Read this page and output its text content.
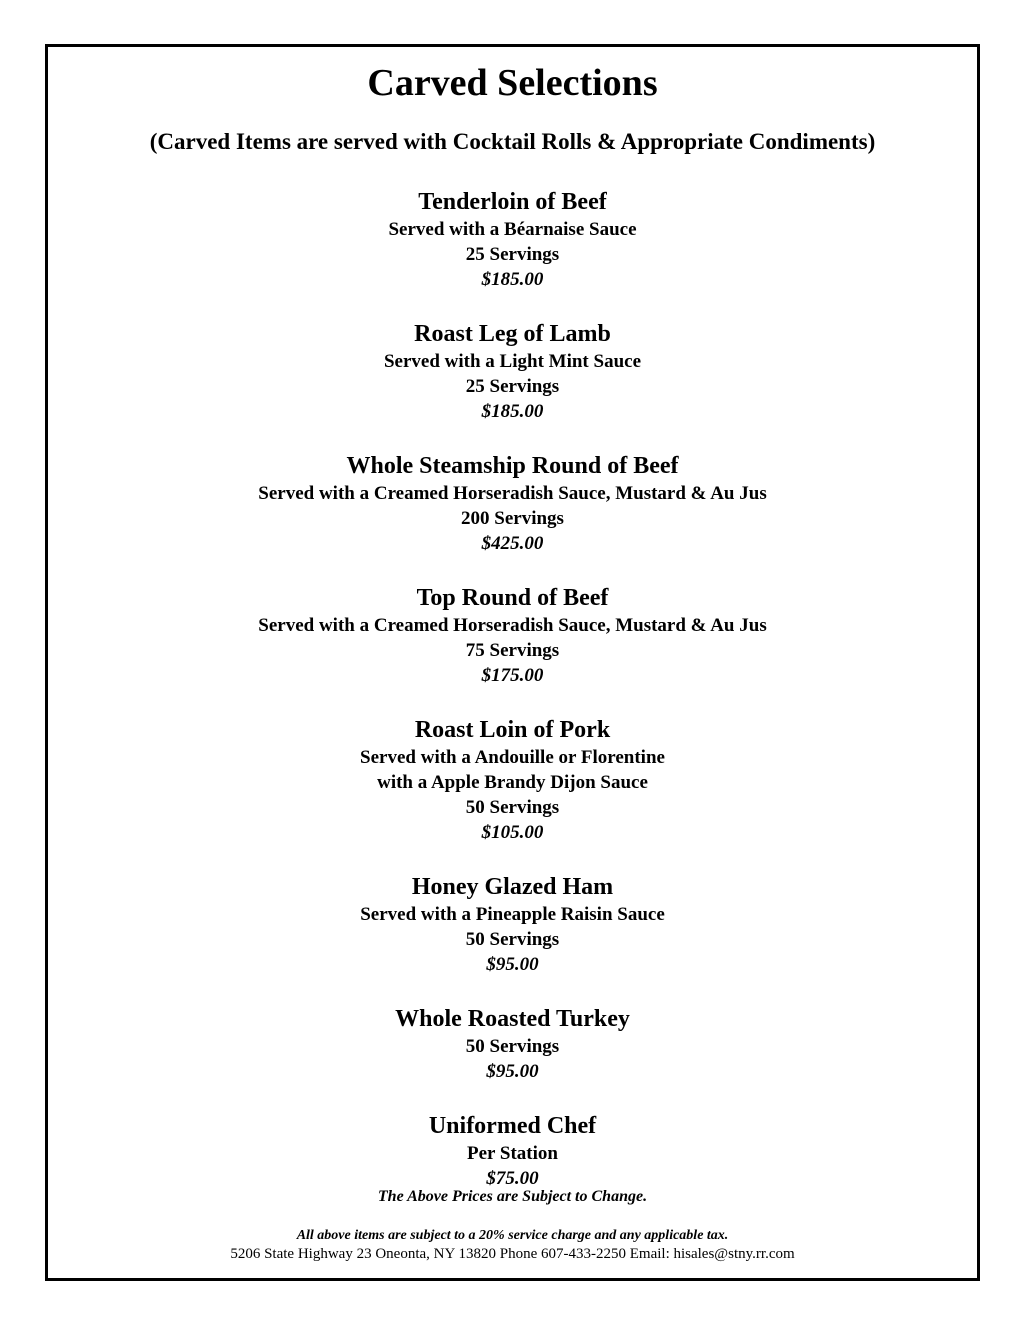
Carved Selections

(Carved Items are served with Cocktail Rolls & Appropriate Condiments)

Tenderloin of Beef
Served with a Béarnaise Sauce
25 Servings
$185.00
Roast Leg of Lamb
Served with a Light Mint Sauce
25 Servings
$185.00
Whole Steamship Round of Beef
Served with a Creamed Horseradish Sauce, Mustard & Au Jus
200 Servings
$425.00
Top Round of Beef
Served with a Creamed Horseradish Sauce, Mustard & Au Jus
75 Servings
$175.00
Roast Loin of Pork
Served with a Andouille or Florentine
with a Apple Brandy Dijon Sauce
50 Servings
$105.00
Honey Glazed Ham
Served with a Pineapple Raisin Sauce
50 Servings
$95.00
Whole Roasted Turkey
50 Servings
$95.00
Uniformed Chef
Per Station
$75.00
The Above Prices are Subject to Change.
All above items are subject to a 20% service charge and any applicable tax.
5206 State Highway 23 Oneonta, NY 13820 Phone 607-433-2250 Email: hisales@stny.rr.com
